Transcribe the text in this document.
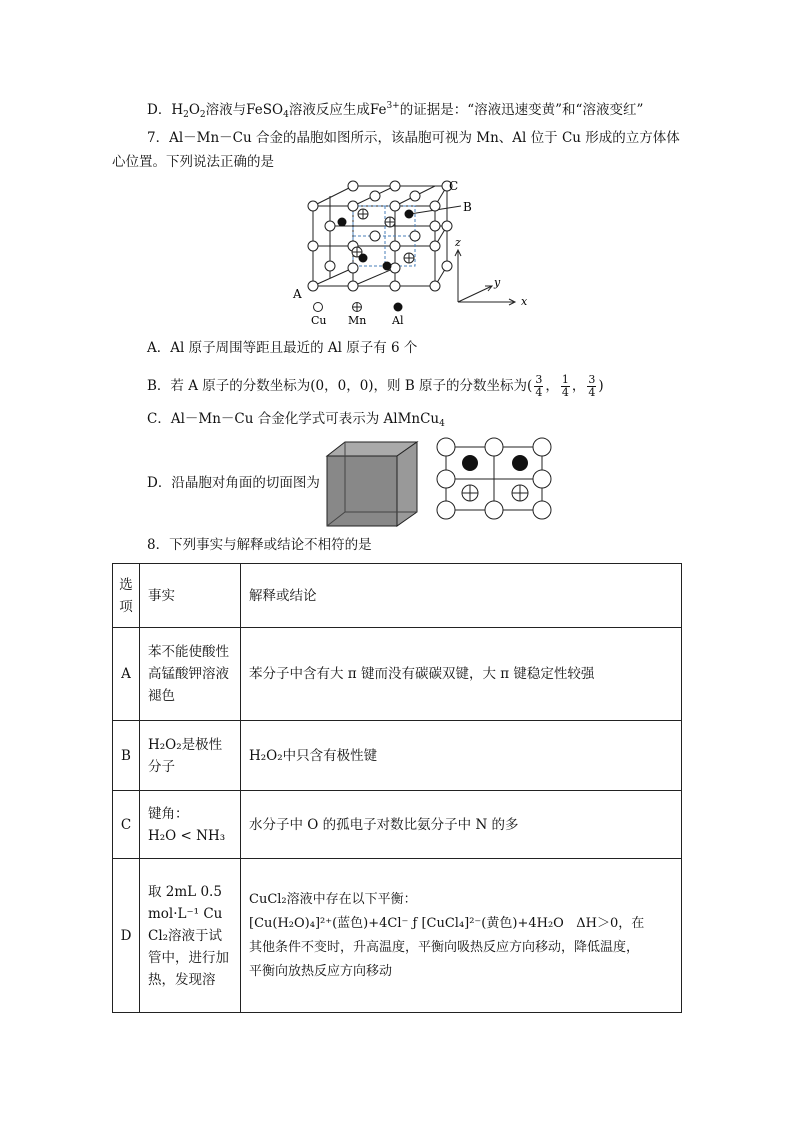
D．$H_2O_2$溶液与FeSO$_4$溶液反应生成$Fe^{3+}$的证据是：“溶液迅速变黄”和“溶液变红”
7．Al－Mn－Cu 合金的晶胞如图所示，该晶胞可视为 Mn、Al 位于 Cu 形成的立方体体
心位置。下列说法正确的是
C
B
A
z
y
x
Cu Mn Al
A．Al 原子周围等距且最近的 Al 原子有 6 个
B．若 A 原子的分数坐标为(0，0，0)，则 B 原子的分数坐标为( $\frac{3}{4}$ ， $\frac{1}{4}$ ， $\frac{3}{4}$ )
C．Al－Mn－Cu 合金化学式可表示为 AlMnCu$_4$
D．沿晶胞对角面的切面图为
8．下列事实与解释或结论不相符的是
选项	事实	解释或结论
A	苯不能使酸性高锰酸钾溶液褪色	苯分子中含有大 π 键而没有碳碳双键，大 π 键稳定性较强
B	H₂O₂是极性分子	H₂O₂中只含有极性键
C	键角：
H₂O < NH₃	水分子中 O 的孤电子对数比氨分子中 N 的多
D	取 2mL 0.5 mol·L⁻¹ CuCl₂溶液于试管中，进行加热，发现溶	CuCl₂溶液中存在以下平衡：
[Cu(H₂O)₄]²⁺(蓝色)+4Cl⁻ ƒ [CuCl₄]²⁻(黄色)+4H₂O ΔH＞0，在
其他条件不变时，升高温度，平衡向吸热反应方向移动，降低温度，
平衡向放热反应方向移动
